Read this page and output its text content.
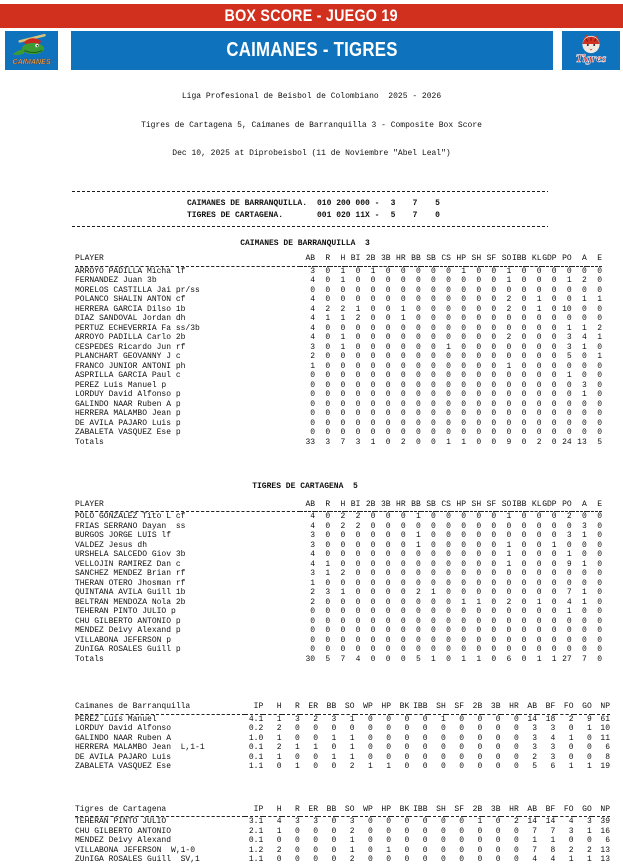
BOX SCORE - JUEGO 19
CAIMANES
CAIMANES - TIGRES	Tigres

Liga Profesional de Beisbol de Colombiano  2025 - 2026

Tigres de Cartagena 5, Caimanes de Barranquilla 3 - Composite Box Score

Dec 10, 2025 at Diprobeisbol (11 de Noviembre "Abel Leal")

CAIMANES DE BARRANQUILLA.	010 200 000 -	3	7	5
TIGRES DE CARTAGENA.	001 020 11X -	5	7	0
CAIMANES DE BARRANQUILLA  3
PLAYER	AB	R	H	BI	2B	3B	HR	BB	SB	CS	HP	SH	SF	SO	IBB	KL	GDP	PO	A	E
ARROYO PADILLA Micha lf	3	0	1	0	1	0	0	0	0	0	1	0	0	1	0	0	0	0	0	0
FERNANDEZ Juan 3b	4	0	1	0	0	0	0	0	0	0	0	0	0	1	0	0	0	1	2	0
MORELOS CASTILLA Jai pr/ss	0	0	0	0	0	0	0	0	0	0	0	0	0	0	0	0	0	0	0	0
POLANCO SHALIN ANTON cf	4	0	0	0	0	0	0	0	0	0	0	0	0	2	0	1	0	0	1	1
HERRERA GARCIA Dilso 1b	4	2	2	1	0	0	1	0	0	0	0	0	0	2	0	1	0	10	0	0
DIAZ SANDOVAL Jordan dh	4	1	1	2	0	0	1	0	0	0	0	0	0	0	0	0	0	0	0	0
PERTUZ ECHEVERRIA Fa ss/3b	4	0	0	0	0	0	0	0	0	0	0	0	0	0	0	0	0	1	1	2
ARROYO PADILLA Carlo 2b	4	0	1	0	0	0	0	0	0	0	0	0	0	2	0	0	0	3	4	1
CESPEDES Ricardo Jun rf	3	0	1	0	0	0	0	0	0	1	0	0	0	0	0	0	0	3	1	0
PLANCHART GEOVANNY J c	2	0	0	0	0	0	0	0	0	0	0	0	0	0	0	0	0	5	0	1
FRANCO JUNIOR ANTONI ph	1	0	0	0	0	0	0	0	0	0	0	0	0	1	0	0	0	0	0	0
ASPRILLA GARCIA Paul c	0	0	0	0	0	0	0	0	0	0	0	0	0	0	0	0	0	1	0	0
PEREZ Luis Manuel p	0	0	0	0	0	0	0	0	0	0	0	0	0	0	0	0	0	0	3	0
LORDUY David Alfonso p	0	0	0	0	0	0	0	0	0	0	0	0	0	0	0	0	0	0	1	0
GALINDO NAAR Ruben A p	0	0	0	0	0	0	0	0	0	0	0	0	0	0	0	0	0	0	0	0
HERRERA MALAMBO Jean p	0	0	0	0	0	0	0	0	0	0	0	0	0	0	0	0	0	0	0	0
DE AVILA PAJARO Luis p	0	0	0	0	0	0	0	0	0	0	0	0	0	0	0	0	0	0	0	0
ZABALETA VASQUEZ Ese p	0	0	0	0	0	0	0	0	0	0	0	0	0	0	0	0	0	0	0	0
Totals	33	3	7	3	1	0	2	0	0	1	1	0	0	9	0	2	0	24	13	5
TIGRES DE CARTAGENA  5
PLAYER	AB	R	H	BI	2B	3B	HR	BB	SB	CS	HP	SH	SF	SO	IBB	KL	GDP	PO	A	E
POLO GONZALEZ Tito L cf	4	0	2	2	0	0	0	1	0	0	0	0	0	1	0	0	0	2	0	0
FRIAS SERRANO Dayan  ss	4	0	2	2	0	0	0	0	0	0	0	0	0	0	0	0	0	0	3	0
BURGOS JORGE LUIS lf	3	0	0	0	0	0	0	1	0	0	0	0	0	0	0	0	0	3	1	0
VALDEZ Jesus dh	3	0	0	0	0	0	0	1	0	0	0	0	0	1	0	0	1	0	0	0
URSHELA SALCEDO Giov 3b	4	0	0	0	0	0	0	0	0	0	0	0	0	1	0	0	0	1	0	0
VELLOJIN RAMIREZ Dan c	4	1	0	0	0	0	0	0	0	0	0	0	0	1	0	0	0	9	1	0
SANCHEZ MENDEZ Brian rf	3	1	2	0	0	0	0	0	0	0	0	0	0	0	0	0	0	0	0	0
THERAN OTERO Jhosman rf	1	0	0	0	0	0	0	0	0	0	0	0	0	0	0	0	0	0	0	0
QUINTANA AVILA Guill 1b	2	3	1	0	0	0	0	2	1	0	0	0	0	0	0	0	0	7	1	0
BELTRAN MENDOZA Nola 2b	2	0	0	0	0	0	0	0	0	0	1	1	0	2	0	1	0	4	1	0
TEHERAN PINTO JULIO p	0	0	0	0	0	0	0	0	0	0	0	0	0	0	0	0	0	1	0	0
CHU GILBERTO ANTONIO p	0	0	0	0	0	0	0	0	0	0	0	0	0	0	0	0	0	0	0	0
MENDEZ Deivy Alexand p	0	0	0	0	0	0	0	0	0	0	0	0	0	0	0	0	0	0	0	0
VILLABONA JEFERSON p	0	0	0	0	0	0	0	0	0	0	0	0	0	0	0	0	0	0	0	0
ZUnIGA ROSALES Guill p	0	0	0	0	0	0	0	0	0	0	0	0	0	0	0	0	0	0	0	0
Totals	30	5	7	4	0	0	0	5	1	0	1	1	0	6	0	1	1	27	7	0
Caimanes de Barranquilla	IP	H	R	ER	BB	SO	WP	HP	BK	IBB	SH	SF	2B	3B	HR	AB	BF	FO	GO	NP
PEREZ Luis Manuel	4.1	1	3	2	3	1	0	0	0	0	1	0	0	0	0	14	18	2	9	61
LORDUY David Alfonso	0.2	2	0	0	0	0	0	0	0	0	0	0	0	0	0	3	3	0	1	10
GALINDO NAAR Ruben A	1.0	1	0	0	1	1	0	0	0	0	0	0	0	0	0	3	4	1	0	11
HERRERA MALAMBO Jean  L,1-1	0.1	2	1	1	0	1	0	0	0	0	0	0	0	0	0	3	3	0	0	6
DE AVILA PAJARO Luis	0.1	1	0	0	1	1	0	0	0	0	0	0	0	0	0	2	3	0	0	8
ZABALETA VASQUEZ Ese	1.1	0	1	0	0	2	1	1	0	0	0	0	0	0	0	5	6	1	1	19
Tigres de Cartagena	IP	H	R	ER	BB	SO	WP	HP	BK	IBB	SH	SF	2B	3B	HR	AB	BF	FO	GO	NP
TEHERAN PINTO JULIO	3.1	4	3	3	0	3	0	0	0	0	0	0	1	0	2	14	14	4	3	39
CHU GILBERTO ANTONIO	2.1	1	0	0	0	2	0	0	0	0	0	0	0	0	0	7	7	3	1	16
MENDEZ Deivy Alexand	0.1	0	0	0	0	1	0	0	0	0	0	0	0	0	0	1	1	0	0	6
VILLABONA JEFERSON  W,1-0	1.2	2	0	0	0	1	0	1	0	0	0	0	0	0	0	7	8	2	2	13
ZUnIGA ROSALES Guill  SV,1	1.1	0	0	0	0	2	0	0	0	0	0	0	0	0	0	4	4	1	1	13
